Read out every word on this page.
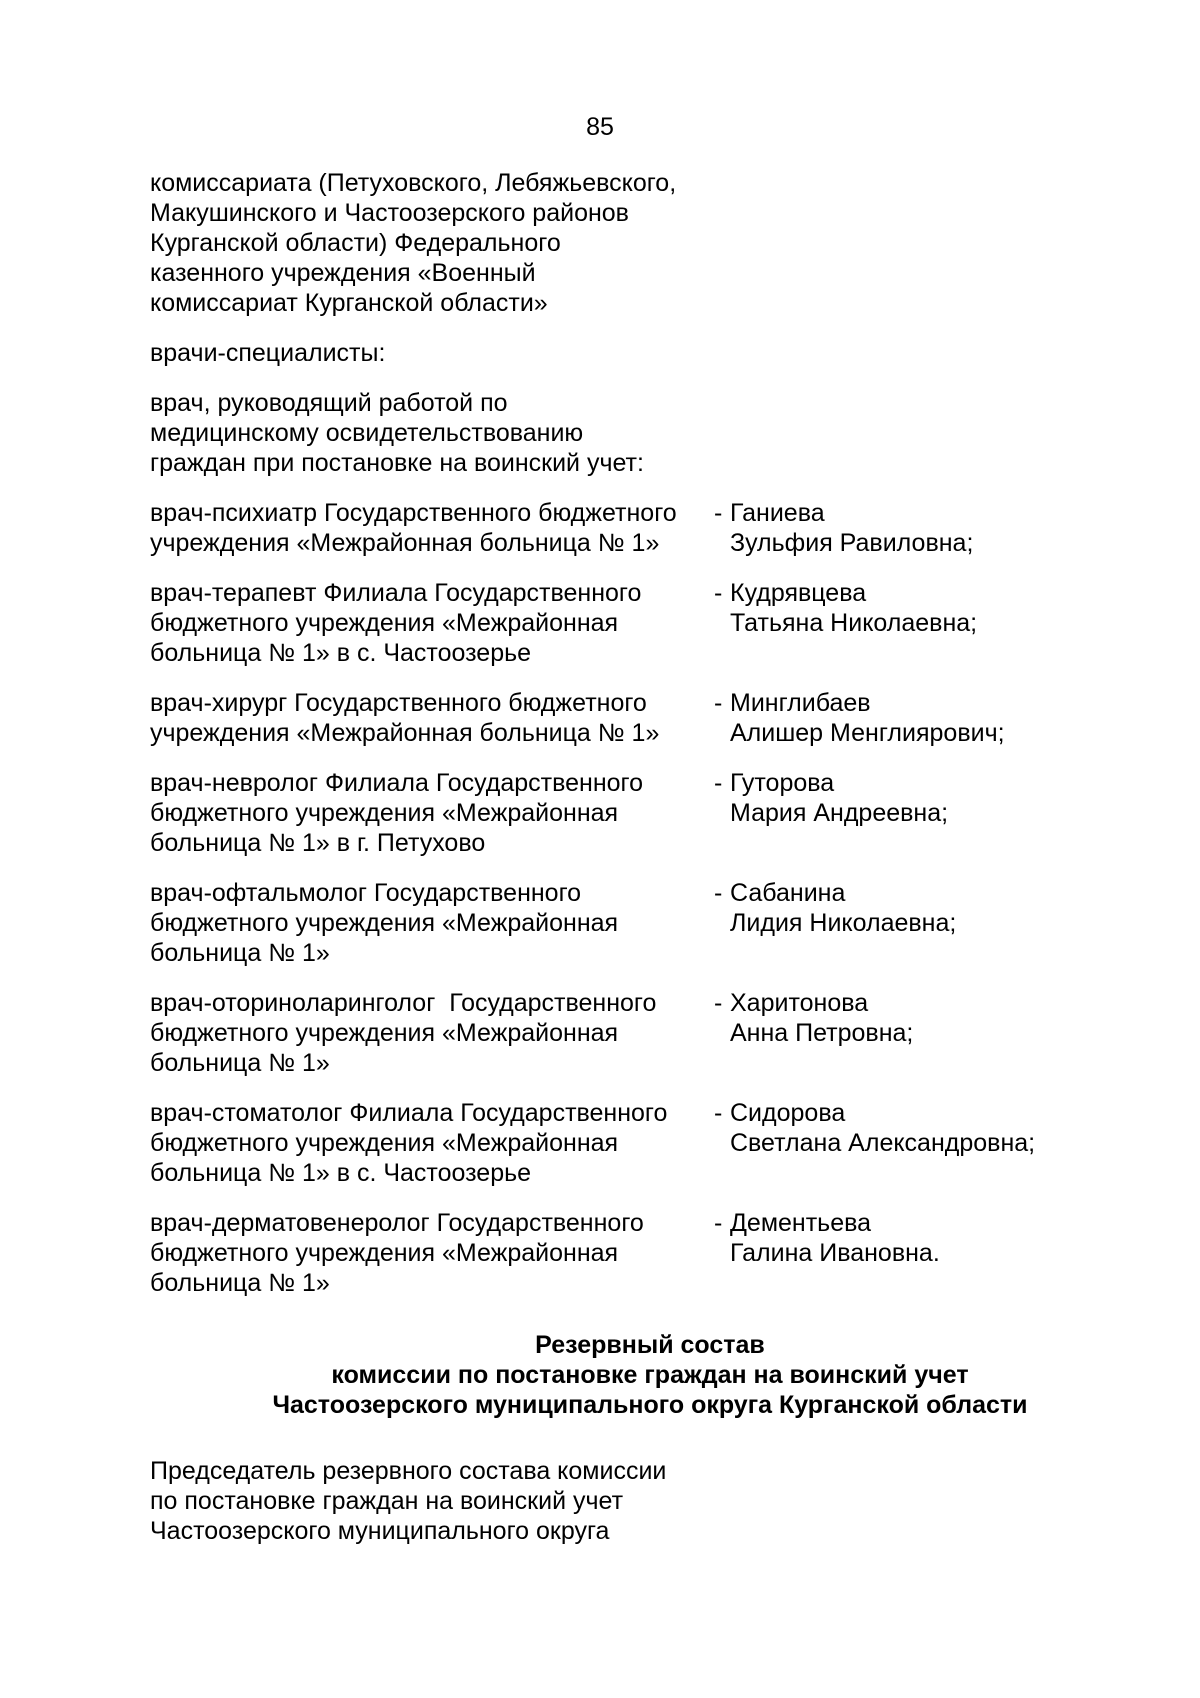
85
комиссариата (Петуховского, Лебяжьевского,
Макушинского и Частоозерского районов
Курганской области) Федерального
казенного учреждения «Военный
комиссариат Курганской области»
врачи-специалисты:
врач, руководящий работой по
медицинскому освидетельствованию
граждан при постановке на воинский учет:
врач-психиатр Государственного бюджетного
учреждения «Межрайонная больница № 1»
- Ганиева
Зульфия Равиловна;
врач-терапевт Филиала Государственного
бюджетного учреждения «Межрайонная
больница № 1» в с. Частоозерье
- Кудрявцева
Татьяна Николаевна;
врач-хирург Государственного бюджетного
учреждения «Межрайонная больница № 1»
- Минглибаев
Алишер Менглиярович;
врач-невролог Филиала Государственного
бюджетного учреждения «Межрайонная
больница № 1» в г. Петухово
- Гуторова
Мария Андреевна;
врач-офтальмолог Государственного
бюджетного учреждения «Межрайонная
больница № 1»
- Сабанина
Лидия Николаевна;
врач-оториноларинголог  Государственного
бюджетного учреждения «Межрайонная
больница № 1»
- Харитонова
Анна Петровна;
врач-стоматолог Филиала Государственного
бюджетного учреждения «Межрайонная
больница № 1» в с. Частоозерье
- Сидорова
Светлана Александровна;
врач-дерматовенеролог Государственного
бюджетного учреждения «Межрайонная
больница № 1»
- Дементьева
Галина Ивановна.
Резервный состав
комиссии по постановке граждан на воинский учет
Частоозерского муниципального округа Курганской области
Председатель резервного состава комиссии
по постановке граждан на воинский учет
Частоозерского муниципального округа
